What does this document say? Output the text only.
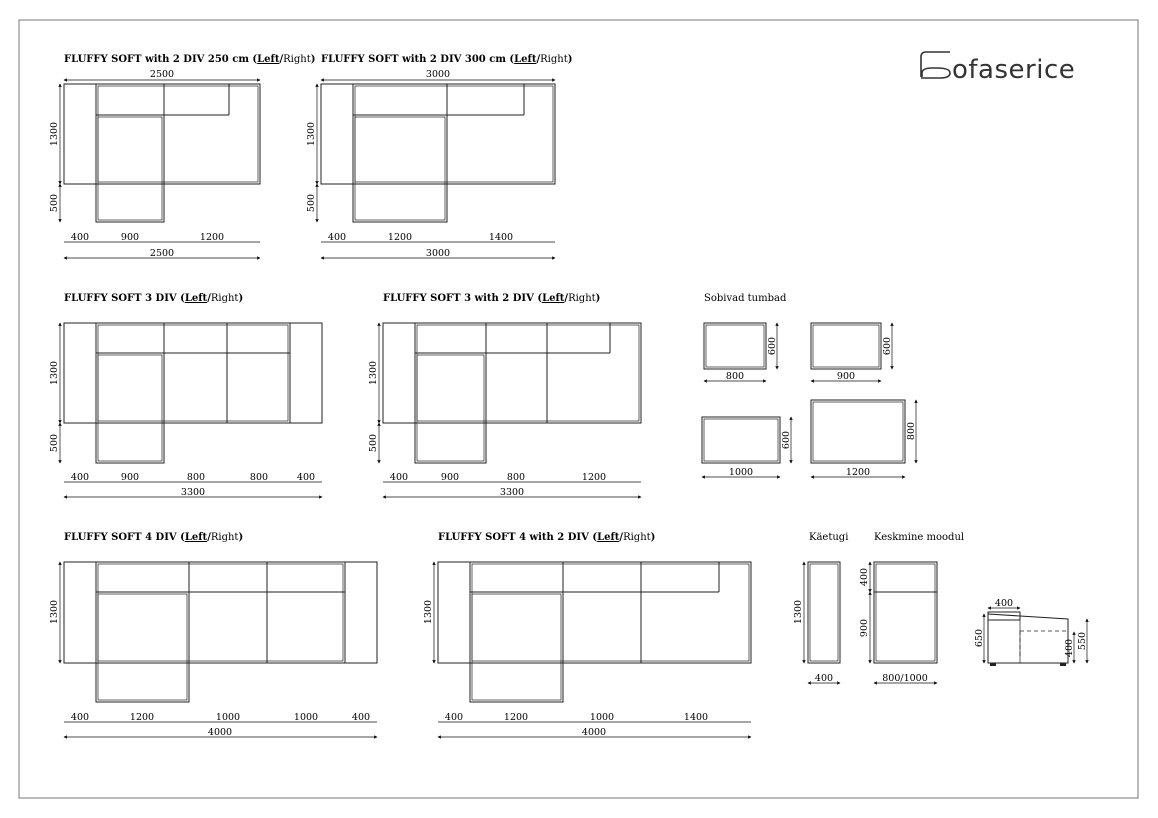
ofaserice
FLUFFY SOFT with 2 DIV 250 cm (Left/Right)
2500
1300
500
400	900	1200
2500
FLUFFY SOFT with 2 DIV 300 cm (Left/Right)
3000
1300
500
400	1200	1400
3000
FLUFFY SOFT 3 DIV (Left/Right)
1300
500
400	900	800	800	400
3300
FLUFFY SOFT 3 with 2 DIV (Left/Right)
1300
500
400	900	800	1200
3300
Sobivad tumbad
800
600
900
600
1000
600
1200
800
FLUFFY SOFT 4 DIV (Left/Right)
1300
400	1200	1000	1000	400
4000
FLUFFY SOFT 4 with 2 DIV (Left/Right)
1300
400	1200	1000	1400
4000
Käetugi
1300
400
Keskmine moodul
400
900
800/1000
400
650
400 550
